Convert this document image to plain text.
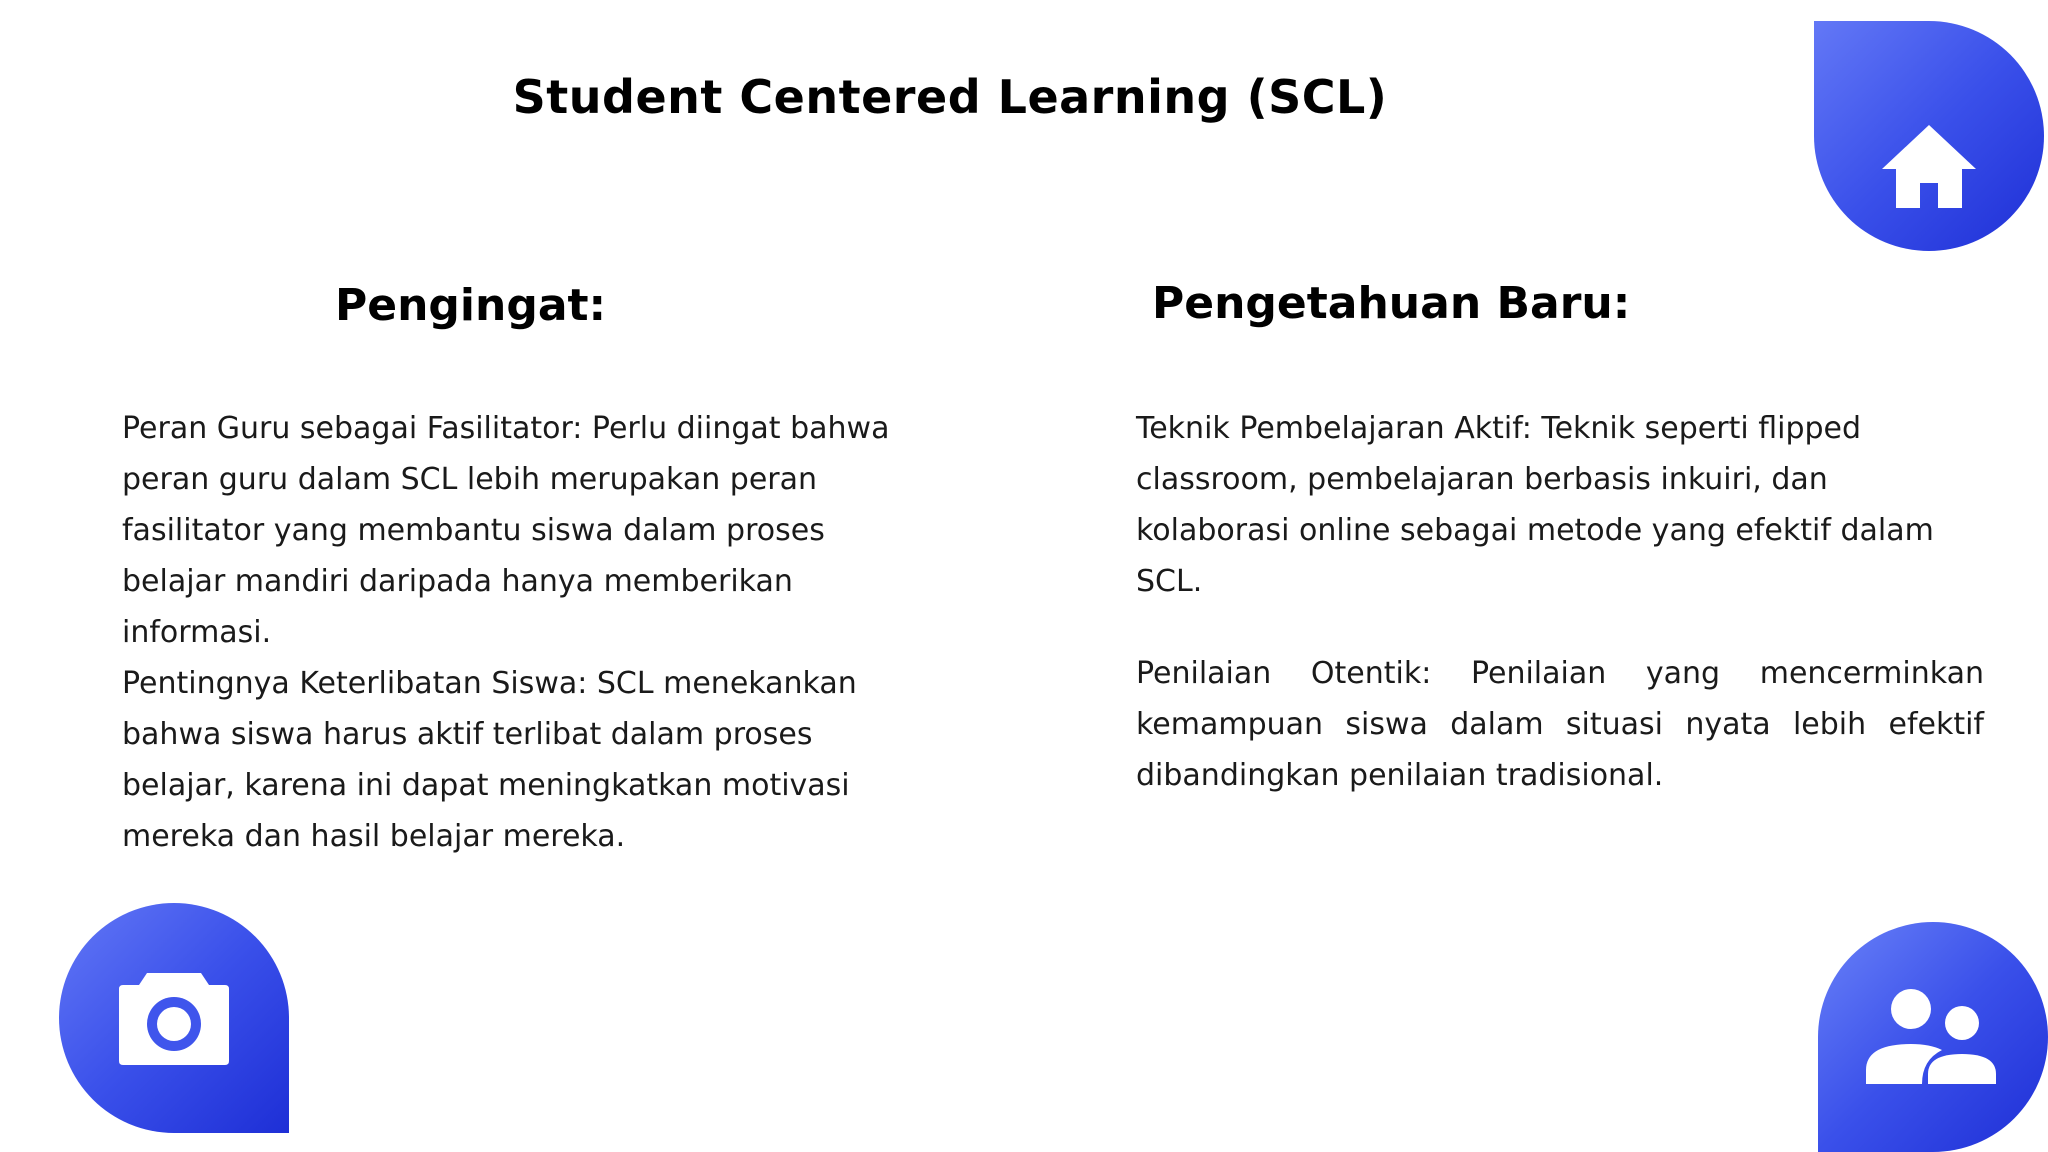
Student Centered Learning (SCL)
Pengingat:	Pengetahuan Baru:

Peran Guru sebagai Fasilitator: Perlu diingat bahwa peran guru dalam SCL lebih merupakan peran fasilitator yang membantu siswa dalam proses belajar mandiri daripada hanya memberikan informasi.

Pentingnya Keterlibatan Siswa: SCL menekankan bahwa siswa harus aktif terlibat dalam proses belajar, karena ini dapat meningkatkan motivasi mereka dan hasil belajar mereka.

Teknik Pembelajaran Aktif: Teknik seperti flipped classroom, pembelajaran berbasis inkuiri, dan kolaborasi online sebagai metode yang efektif dalam SCL.

Penilaian Otentik: Penilaian yang mencerminkan kemampuan siswa dalam situasi nyata lebih efektif dibandingkan penilaian tradisional.
